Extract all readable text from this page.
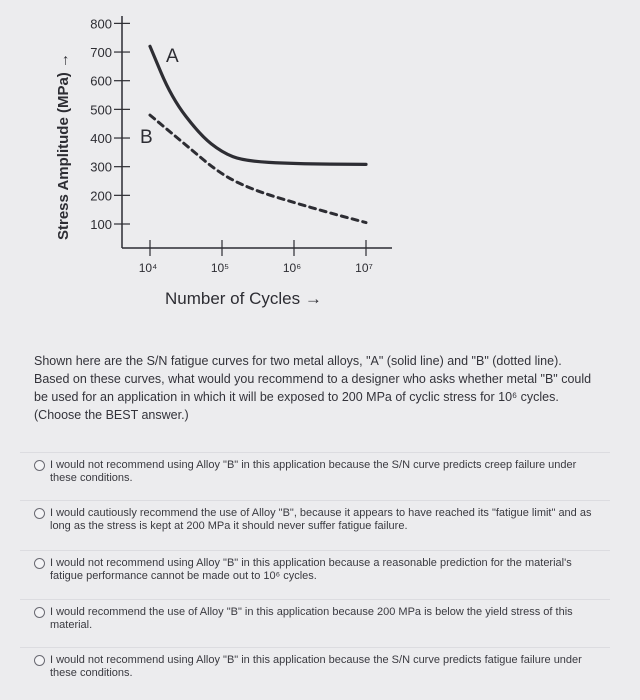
Stress Amplitude (MPa) →
Number of Cycles →
100
200
300
400
500
600
700
800
10⁴	10⁵	10⁶	10⁷
A
B
Shown here are the S/N fatigue curves for two metal alloys, "A" (solid line) and "B" (dotted line). Based on these curves, what would you recommend to a designer who asks whether metal "B" could be used for an application in which it will be exposed to 200 MPa of cyclic stress for 10⁶ cycles. (Choose the BEST answer.)
I would not recommend using Alloy "B" in this application because the S/N curve predicts creep failure under these conditions.
I would cautiously recommend the use of Alloy "B", because it appears to have reached its "fatigue limit" and as long as the stress is kept at 200 MPa it should never suffer fatigue failure.
I would not recommend using Alloy "B" in this application because a reasonable prediction for the material's fatigue performance cannot be made out to 10⁶ cycles.
I would recommend the use of Alloy "B" in this application because 200 MPa is below the yield stress of this material.
I would not recommend using Alloy "B" in this application because the S/N curve predicts fatigue failure under these conditions.
